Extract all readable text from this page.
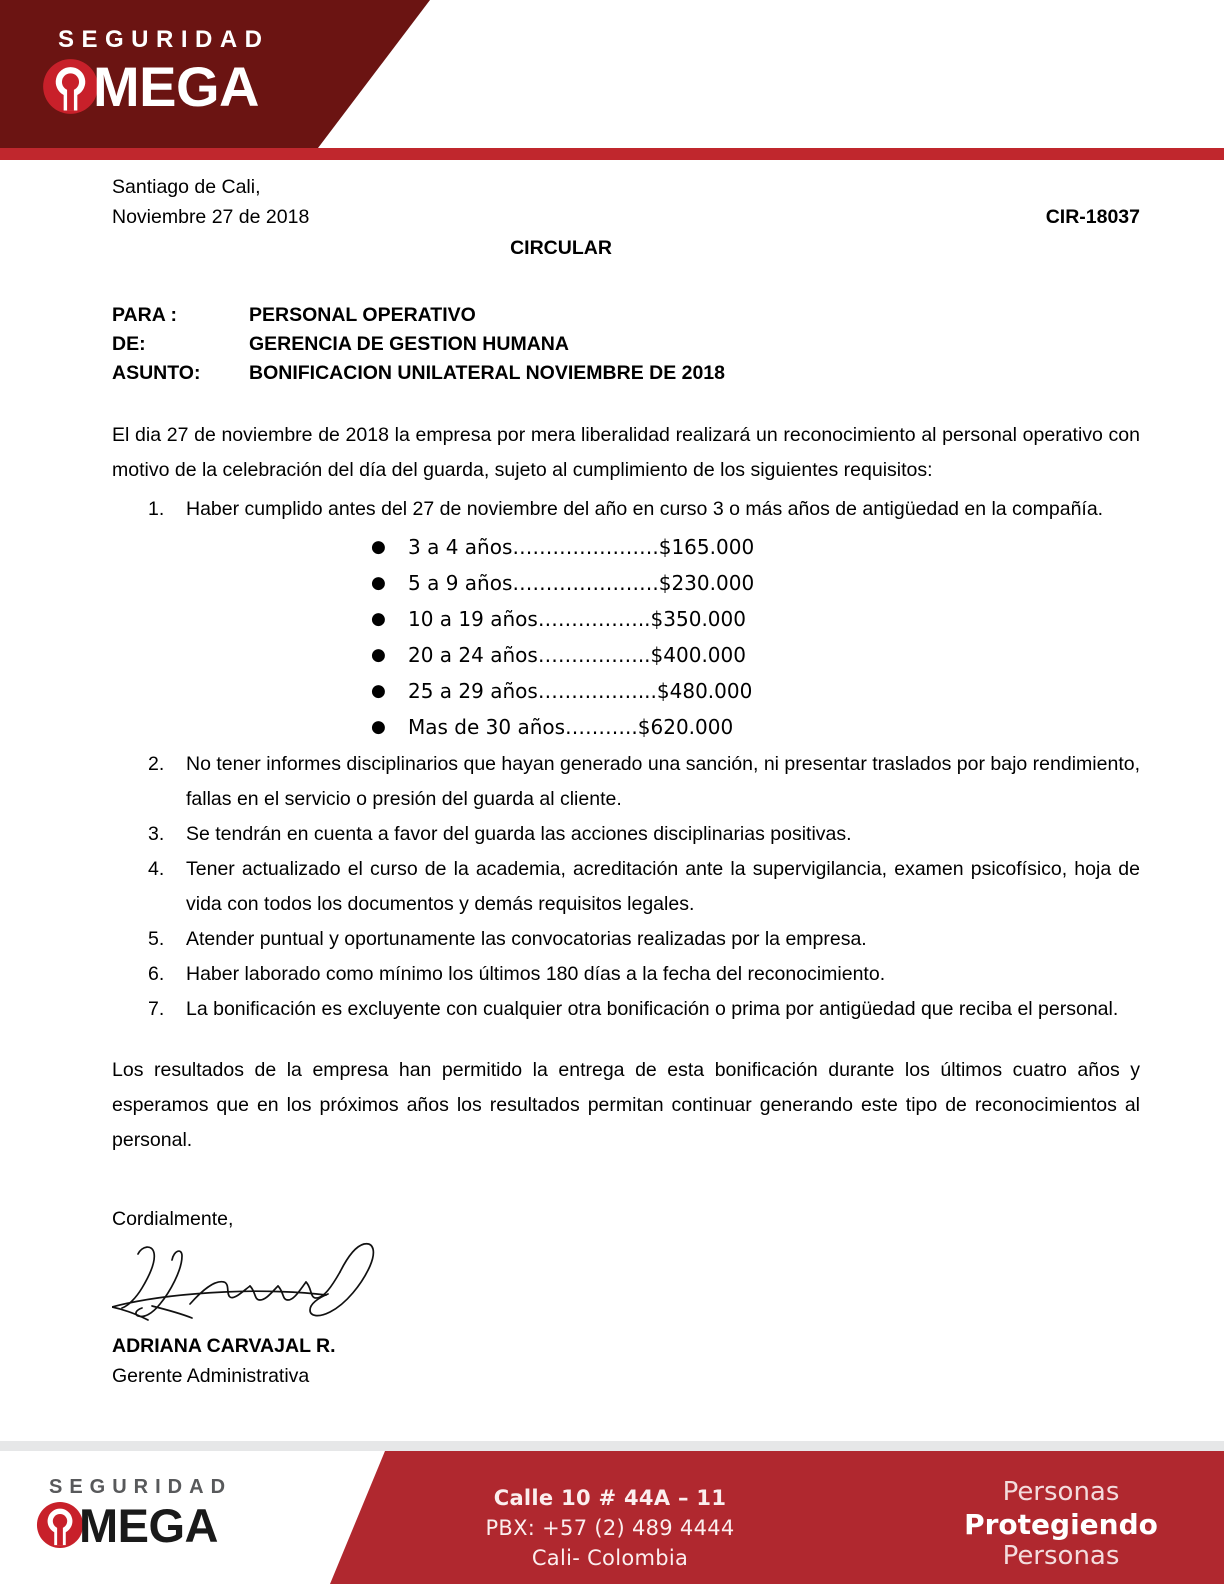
SEGURIDAD
MEGA
Santiago de Cali,
Noviembre 27 de 2018	CIR-18037
CIRCULAR
PARA :	PERSONAL OPERATIVO
DE:	GERENCIA DE GESTION HUMANA
ASUNTO:	BONIFICACION UNILATERAL NOVIEMBRE DE 2018
El dia 27 de noviembre de 2018 la empresa por mera liberalidad realizará un reconocimiento al personal operativo con motivo de la celebración del día del guarda, sujeto al cumplimiento de los siguientes requisitos:
1.	Haber cumplido antes del 27 de noviembre del año en curso 3 o más años de antigüedad en la compañía.
● 3 a 4 años………………….$165.000
● 5 a 9 años………………….$230.000
● 10 a 19 años……………..$350.000
● 20 a 24 años……………..$400.000
● 25 a 29 años……………...$480.000
● Mas de 30 años………..$620.000
2.	No tener informes disciplinarios que hayan generado una sanción, ni presentar traslados por bajo rendimiento, fallas en el servicio o presión del guarda al cliente.
3.	Se tendrán en cuenta a favor del guarda las acciones disciplinarias positivas.
4.	Tener actualizado el curso de la academia, acreditación ante la supervigilancia, examen psicofísico, hoja de vida con todos los documentos y demás requisitos legales.
5.	Atender puntual y oportunamente las convocatorias realizadas por la empresa.
6.	Haber laborado como mínimo los últimos 180 días a la fecha del reconocimiento.
7.	La bonificación es excluyente con cualquier otra bonificación o prima por antigüedad que reciba el personal.
Los resultados de la empresa han permitido la entrega de esta bonificación durante los últimos cuatro años y esperamos que en los próximos años los resultados permitan continuar generando este tipo de reconocimientos al personal.
Cordialmente,
ADRIANA CARVAJAL R.
Gerente Administrativa
SEGURIDAD
MEGA
Calle 10 # 44A – 11
PBX: +57 (2) 489 4444
Cali- Colombia
Personas
Protegiendo
Personas
